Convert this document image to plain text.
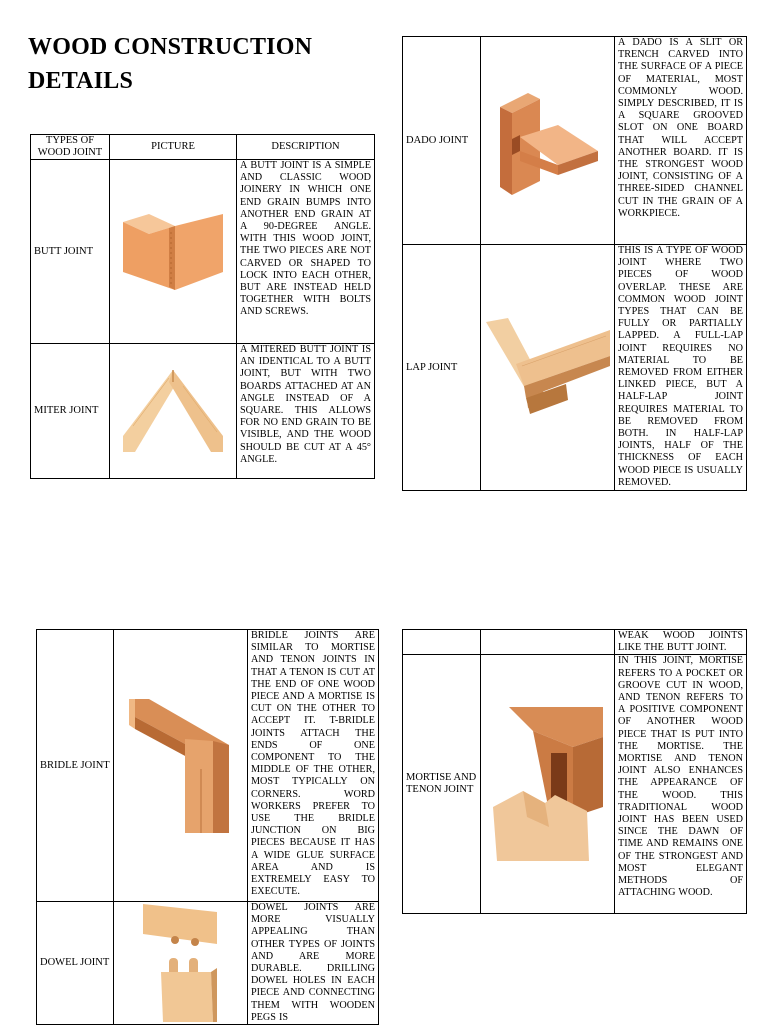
WOOD CONSTRUCTION
DETAILS
TYPES OF WOOD JOINT	PICTURE	DESCRIPTION
BUTT JOINT		A BUTT JOINT IS A SIMPLE AND CLASSIC WOOD JOINERY IN WHICH ONE END GRAIN BUMPS INTO ANOTHER END GRAIN AT A 90-DEGREE ANGLE. WITH THIS WOOD JOINT, THE TWO PIECES ARE NOT CARVED OR SHAPED TO LOCK INTO EACH OTHER, BUT ARE INSTEAD HELD TOGETHER WITH BOLTS AND SCREWS.
MITER JOINT		A MITERED BUTT JOINT IS AN IDENTICAL TO A BUTT JOINT, BUT WITH TWO BOARDS ATTACHED AT AN ANGLE INSTEAD OF A SQUARE. THIS ALLOWS FOR NO END GRAIN TO BE VISIBLE, AND THE WOOD SHOULD BE CUT AT A 45° ANGLE.
DADO JOINT		A DADO IS A SLIT OR TRENCH CARVED INTO THE SURFACE OF A PIECE OF MATERIAL, MOST COMMONLY WOOD. SIMPLY DESCRIBED, IT IS A SQUARE GROOVED SLOT ON ONE BOARD THAT WILL ACCEPT ANOTHER BOARD. IT IS THE STRONGEST WOOD JOINT, CONSISTING OF A THREE-SIDED CHANNEL CUT IN THE GRAIN OF A WORKPIECE.
LAP JOINT		THIS IS A TYPE OF WOOD JOINT WHERE TWO PIECES OF WOOD OVERLAP. THESE ARE COMMON WOOD JOINT TYPES THAT CAN BE FULLY OR PARTIALLY LAPPED. A FULL-LAP JOINT REQUIRES NO MATERIAL TO BE REMOVED FROM EITHER LINKED PIECE, BUT A HALF-LAP JOINT REQUIRES MATERIAL TO BE REMOVED FROM BOTH. IN HALF-LAP JOINTS, HALF OF THE THICKNESS OF EACH WOOD PIECE IS USUALLY REMOVED.
BRIDLE JOINT		BRIDLE JOINTS ARE SIMILAR TO MORTISE AND TENON JOINTS IN THAT A TENON IS CUT AT THE END OF ONE WOOD PIECE AND A MORTISE IS CUT ON THE OTHER TO ACCEPT IT. T-BRIDLE JOINTS ATTACH THE ENDS OF ONE COMPONENT TO THE MIDDLE OF THE OTHER, MOST TYPICALLY ON CORNERS. WORD WORKERS PREFER TO USE THE BRIDLE JUNCTION ON BIG PIECES BECAUSE IT HAS A WIDE GLUE SURFACE AREA AND IS EXTREMELY EASY TO EXECUTE.
DOWEL JOINT		DOWEL JOINTS ARE MORE VISUALLY APPEALING THAN OTHER TYPES OF JOINTS AND ARE MORE DURABLE. DRILLING DOWEL HOLES IN EACH PIECE AND CONNECTING THEM WITH WOODEN PEGS IS
		WEAK WOOD JOINTS LIKE THE BUTT JOINT.
MORTISE AND TENON JOINT		IN THIS JOINT, MORTISE REFERS TO A POCKET OR GROOVE CUT IN WOOD, AND TENON REFERS TO A POSITIVE COMPONENT OF ANOTHER WOOD PIECE THAT IS PUT INTO THE MORTISE. THE MORTISE AND TENON JOINT ALSO ENHANCES THE APPEARANCE OF THE WOOD. THIS TRADITIONAL WOOD JOINT HAS BEEN USED SINCE THE DAWN OF TIME AND REMAINS ONE OF THE STRONGEST AND MOST ELEGANT METHODS OF ATTACHING WOOD.
